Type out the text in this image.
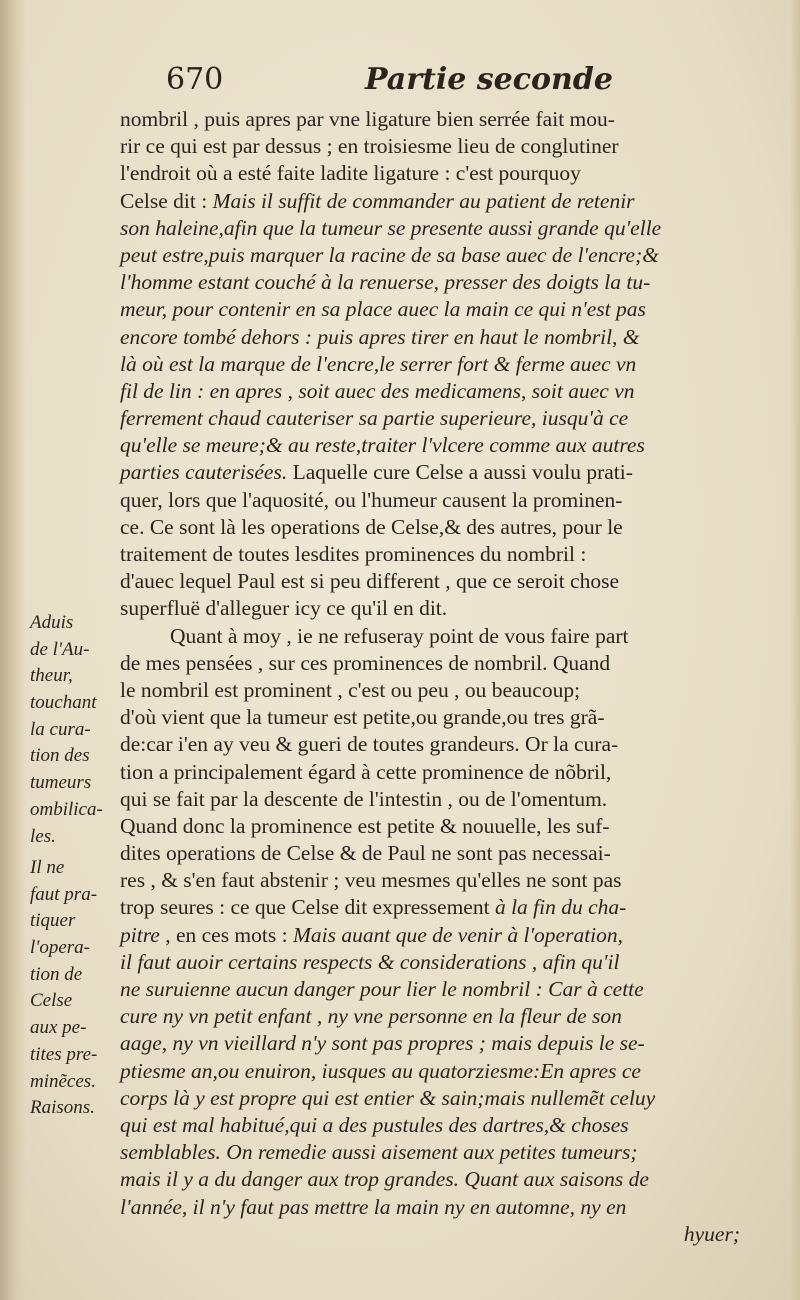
670	Partie seconde
nombril , puis apres par vne ligature bien serrée fait mou-
rir ce qui est par dessus ; en troisiesme lieu de conglutiner
l'endroit où a esté faite ladite ligature : c'est pourquoy
Celse dit : Mais il suffit de commander au patient de retenir
son haleine,afin que la tumeur se presente aussi grande qu'elle
peut estre,puis marquer la racine de sa base auec de l'encre;&
l'homme estant couché à la renuerse, presser des doigts la tu-
meur, pour contenir en sa place auec la main ce qui n'est pas
encore tombé dehors : puis apres tirer en haut le nombril, &
là où est la marque de l'encre,le serrer fort & ferme auec vn
fil de lin : en apres , soit auec des medicamens, soit auec vn
ferrement chaud cauteriser sa partie superieure, iusqu'à ce
qu'elle se meure;& au reste,traiter l'vlcere comme aux autres
parties cauterisées. Laquelle cure Celse a aussi voulu prati-
quer, lors que l'aquosité, ou l'humeur causent la prominen-
ce. Ce sont là les operations de Celse,& des autres, pour le
traitement de toutes lesdites prominences du nombril :
d'auec lequel Paul est si peu different , que ce seroit chose
superfluë d'alleguer icy ce qu'il en dit.
Quant à moy , ie ne refuseray point de vous faire part
de mes pensées , sur ces prominences de nombril. Quand
le nombril est prominent , c'est ou peu , ou beaucoup;
d'où vient que la tumeur est petite,ou grande,ou tres grã-
de:car i'en ay veu & gueri de toutes grandeurs. Or la cura-
tion a principalement égard à cette prominence de nõbril,
qui se fait par la descente de l'intestin , ou de l'omentum.
Quand donc la prominence est petite & nouuelle, les suf-
dites operations de Celse & de Paul ne sont pas necessai-
res , & s'en faut abstenir ; veu mesmes qu'elles ne sont pas
trop seures : ce que Celse dit expressement à la fin du cha-
pitre , en ces mots : Mais auant que de venir à l'operation,
il faut auoir certains respects & considerations , afin qu'il
ne suruienne aucun danger pour lier le nombril : Car à cette
cure ny vn petit enfant , ny vne personne en la fleur de son
aage, ny vn vieillard n'y sont pas propres ; mais depuis le se-
ptiesme an,ou enuiron, iusques au quatorziesme:En apres ce
corps là y est propre qui est entier & sain;mais nullemẽt celuy
qui est mal habitué,qui a des pustules des dartres,& choses
semblables. On remedie aussi aisement aux petites tumeurs;
mais il y a du danger aux trop grandes. Quant aux saisons de
l'année, il n'y faut pas mettre la main ny en automne, ny en
hyuer;
Aduis
de l'Au-
theur,
touchant
la cura-
tion des
tumeurs
ombilica-
les.
Il ne
faut pra-
tiquer
l'opera-
tion de
Celse
aux pe-
tites pre-
minẽces.
Raisons.
